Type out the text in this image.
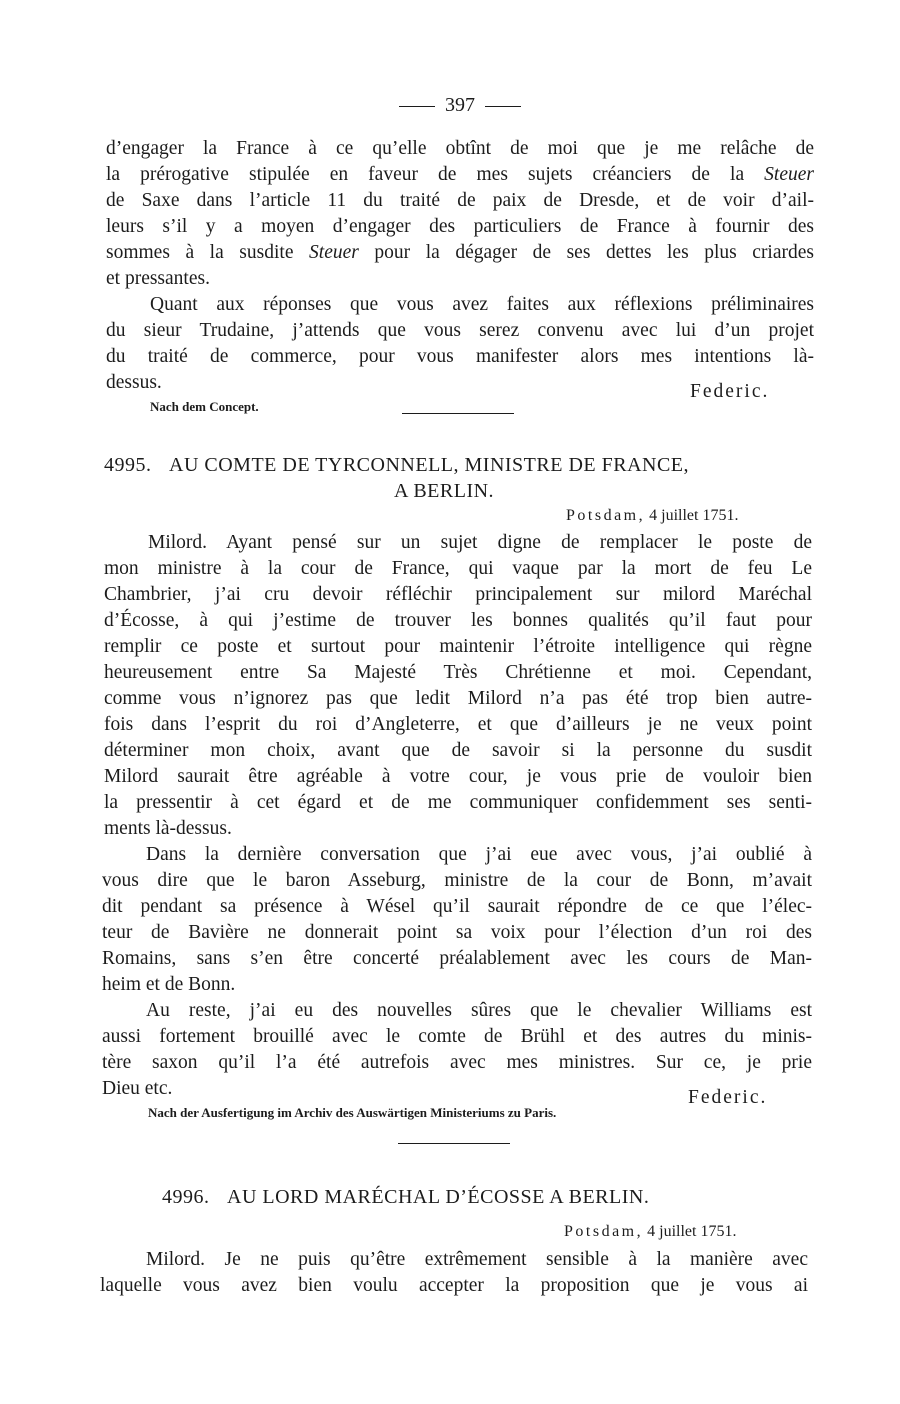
397
d’engager la France à ce qu’elle obtînt de moi que je me relâche de
la prérogative stipulée en faveur de mes sujets créanciers de la Steuer
de Saxe dans l’article 11 du traité de paix de Dresde, et de voir d’ail-
leurs s’il y a moyen d’engager des particuliers de France à fournir des
sommes à la susdite Steuer pour la dégager de ses dettes les plus criardes
et pressantes.
Quant aux réponses que vous avez faites aux réflexions préliminaires
du sieur Trudaine, j’attends que vous serez convenu avec lui d’un projet
du traité de commerce, pour vous manifester alors mes intentions là-
dessus.	Federic.
Nach dem Concept.
4995. AU COMTE DE TYRCONNELL, MINISTRE DE FRANCE,
A BERLIN.
Potsdam, 4 juillet 1751.
Milord. Ayant pensé sur un sujet digne de remplacer le poste de
mon ministre à la cour de France, qui vaque par la mort de feu Le
Chambrier, j’ai cru devoir réfléchir principalement sur milord Maréchal
d’Écosse, à qui j’estime de trouver les bonnes qualités qu’il faut pour
remplir ce poste et surtout pour maintenir l’étroite intelligence qui règne
heureusement entre Sa Majesté Très Chrétienne et moi. Cependant,
comme vous n’ignorez pas que ledit Milord n’a pas été trop bien autre-
fois dans l’esprit du roi d’Angleterre, et que d’ailleurs je ne veux point
déterminer mon choix, avant que de savoir si la personne du susdit
Milord saurait être agréable à votre cour, je vous prie de vouloir bien
la pressentir à cet égard et de me communiquer confidemment ses senti-
ments là-dessus.
Dans la dernière conversation que j’ai eue avec vous, j’ai oublié à
vous dire que le baron Asseburg, ministre de la cour de Bonn, m’avait
dit pendant sa présence à Wésel qu’il saurait répondre de ce que l’élec-
teur de Bavière ne donnerait point sa voix pour l’élection d’un roi des
Romains, sans s’en être concerté préalablement avec les cours de Man-
heim et de Bonn.
Au reste, j’ai eu des nouvelles sûres que le chevalier Williams est
aussi fortement brouillé avec le comte de Brühl et des autres du minis-
tère saxon qu’il l’a été autrefois avec mes ministres. Sur ce, je prie
Dieu etc.	Federic.
Nach der Ausfertigung im Archiv des Auswärtigen Ministeriums zu Paris.
4996. AU LORD MARÉCHAL D’ÉCOSSE A BERLIN.
Potsdam, 4 juillet 1751.
Milord. Je ne puis qu’être extrêmement sensible à la manière avec
laquelle vous avez bien voulu accepter la proposition que je vous ai
